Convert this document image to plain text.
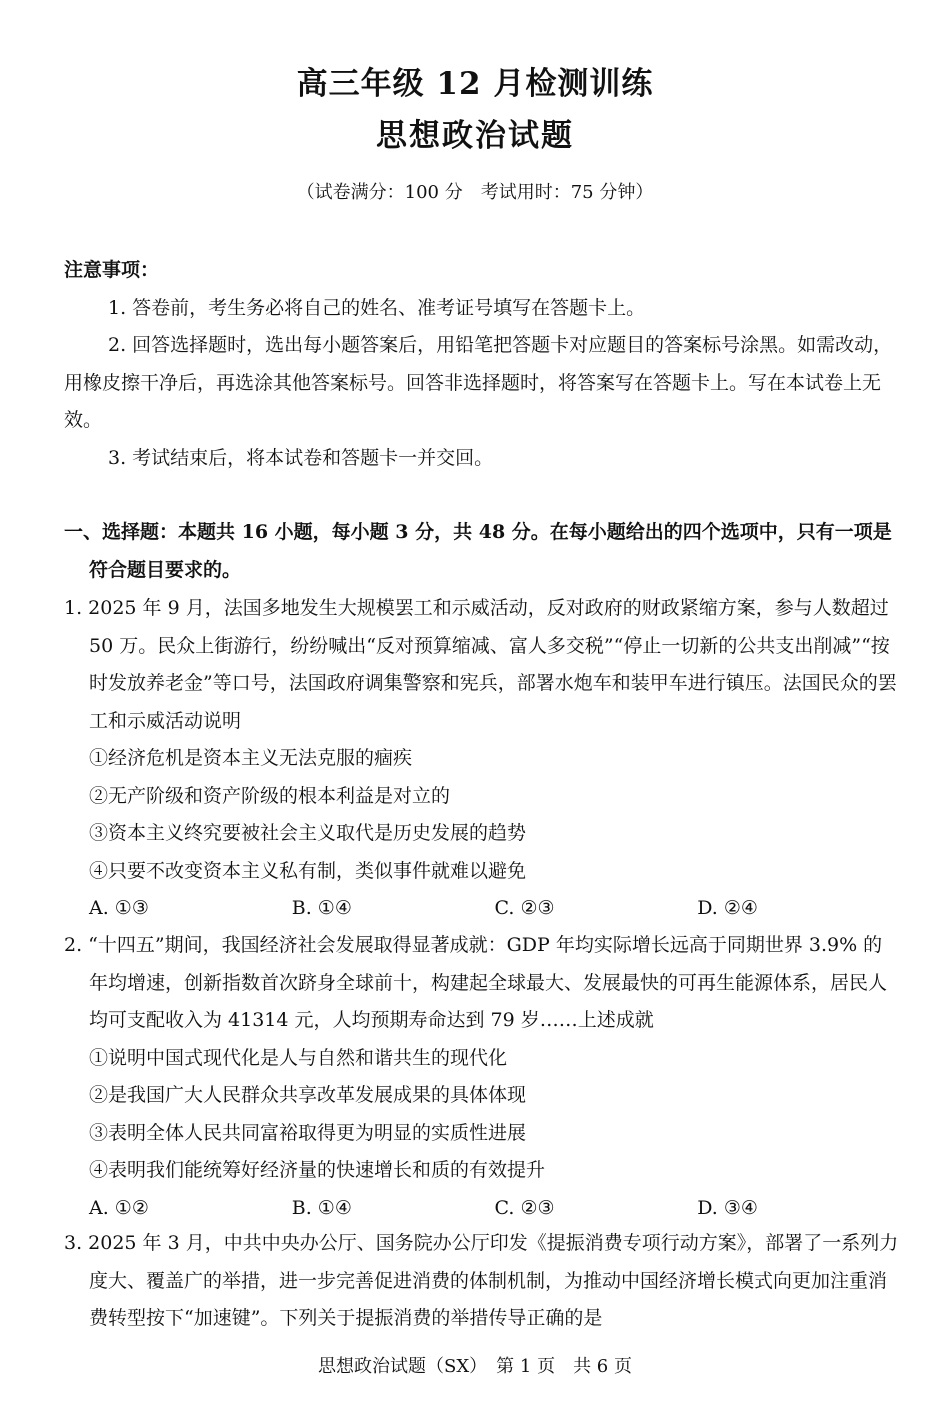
高三年级 12 月检测训练
思想政治试题
（试卷满分：100 分　考试用时：75 分钟）
注意事项：
1. 答卷前，考生务必将自己的姓名、准考证号填写在答题卡上。
2. 回答选择题时，选出每小题答案后，用铅笔把答题卡对应题目的答案标号涂黑。如需改动，用橡皮擦干净后，再选涂其他答案标号。回答非选择题时，将答案写在答题卡上。写在本试卷上无效。
3. 考试结束后，将本试卷和答题卡一并交回。
一、选择题：本题共 16 小题，每小题 3 分，共 48 分。在每小题给出的四个选项中，只有一项是符合题目要求的。
1. 2025 年 9 月，法国多地发生大规模罢工和示威活动，反对政府的财政紧缩方案，参与人数超过 50 万。民众上街游行，纷纷喊出“反对预算缩减、富人多交税”“停止一切新的公共支出削减”“按时发放养老金”等口号，法国政府调集警察和宪兵，部署水炮车和装甲车进行镇压。法国民众的罢工和示威活动说明
①经济危机是资本主义无法克服的痼疾
②无产阶级和资产阶级的根本利益是对立的
③资本主义终究要被社会主义取代是历史发展的趋势
④只要不改变资本主义私有制，类似事件就难以避免
A. ①③	B. ①④	C. ②③	D. ②④
2. “十四五”期间，我国经济社会发展取得显著成就：GDP 年均实际增长远高于同期世界 3.9% 的年均增速，创新指数首次跻身全球前十，构建起全球最大、发展最快的可再生能源体系，居民人均可支配收入为 41314 元，人均预期寿命达到 79 岁……上述成就
①说明中国式现代化是人与自然和谐共生的现代化
②是我国广大人民群众共享改革发展成果的具体体现
③表明全体人民共同富裕取得更为明显的实质性进展
④表明我们能统筹好经济量的快速增长和质的有效提升
A. ①②	B. ①④	C. ②③	D. ③④
3. 2025 年 3 月，中共中央办公厅、国务院办公厅印发《提振消费专项行动方案》，部署了一系列力度大、覆盖广的举措，进一步完善促进消费的体制机制，为推动中国经济增长模式向更加注重消费转型按下“加速键”。下列关于提振消费的举措传导正确的是
思想政治试题（SX）　第 1 页　共 6 页
